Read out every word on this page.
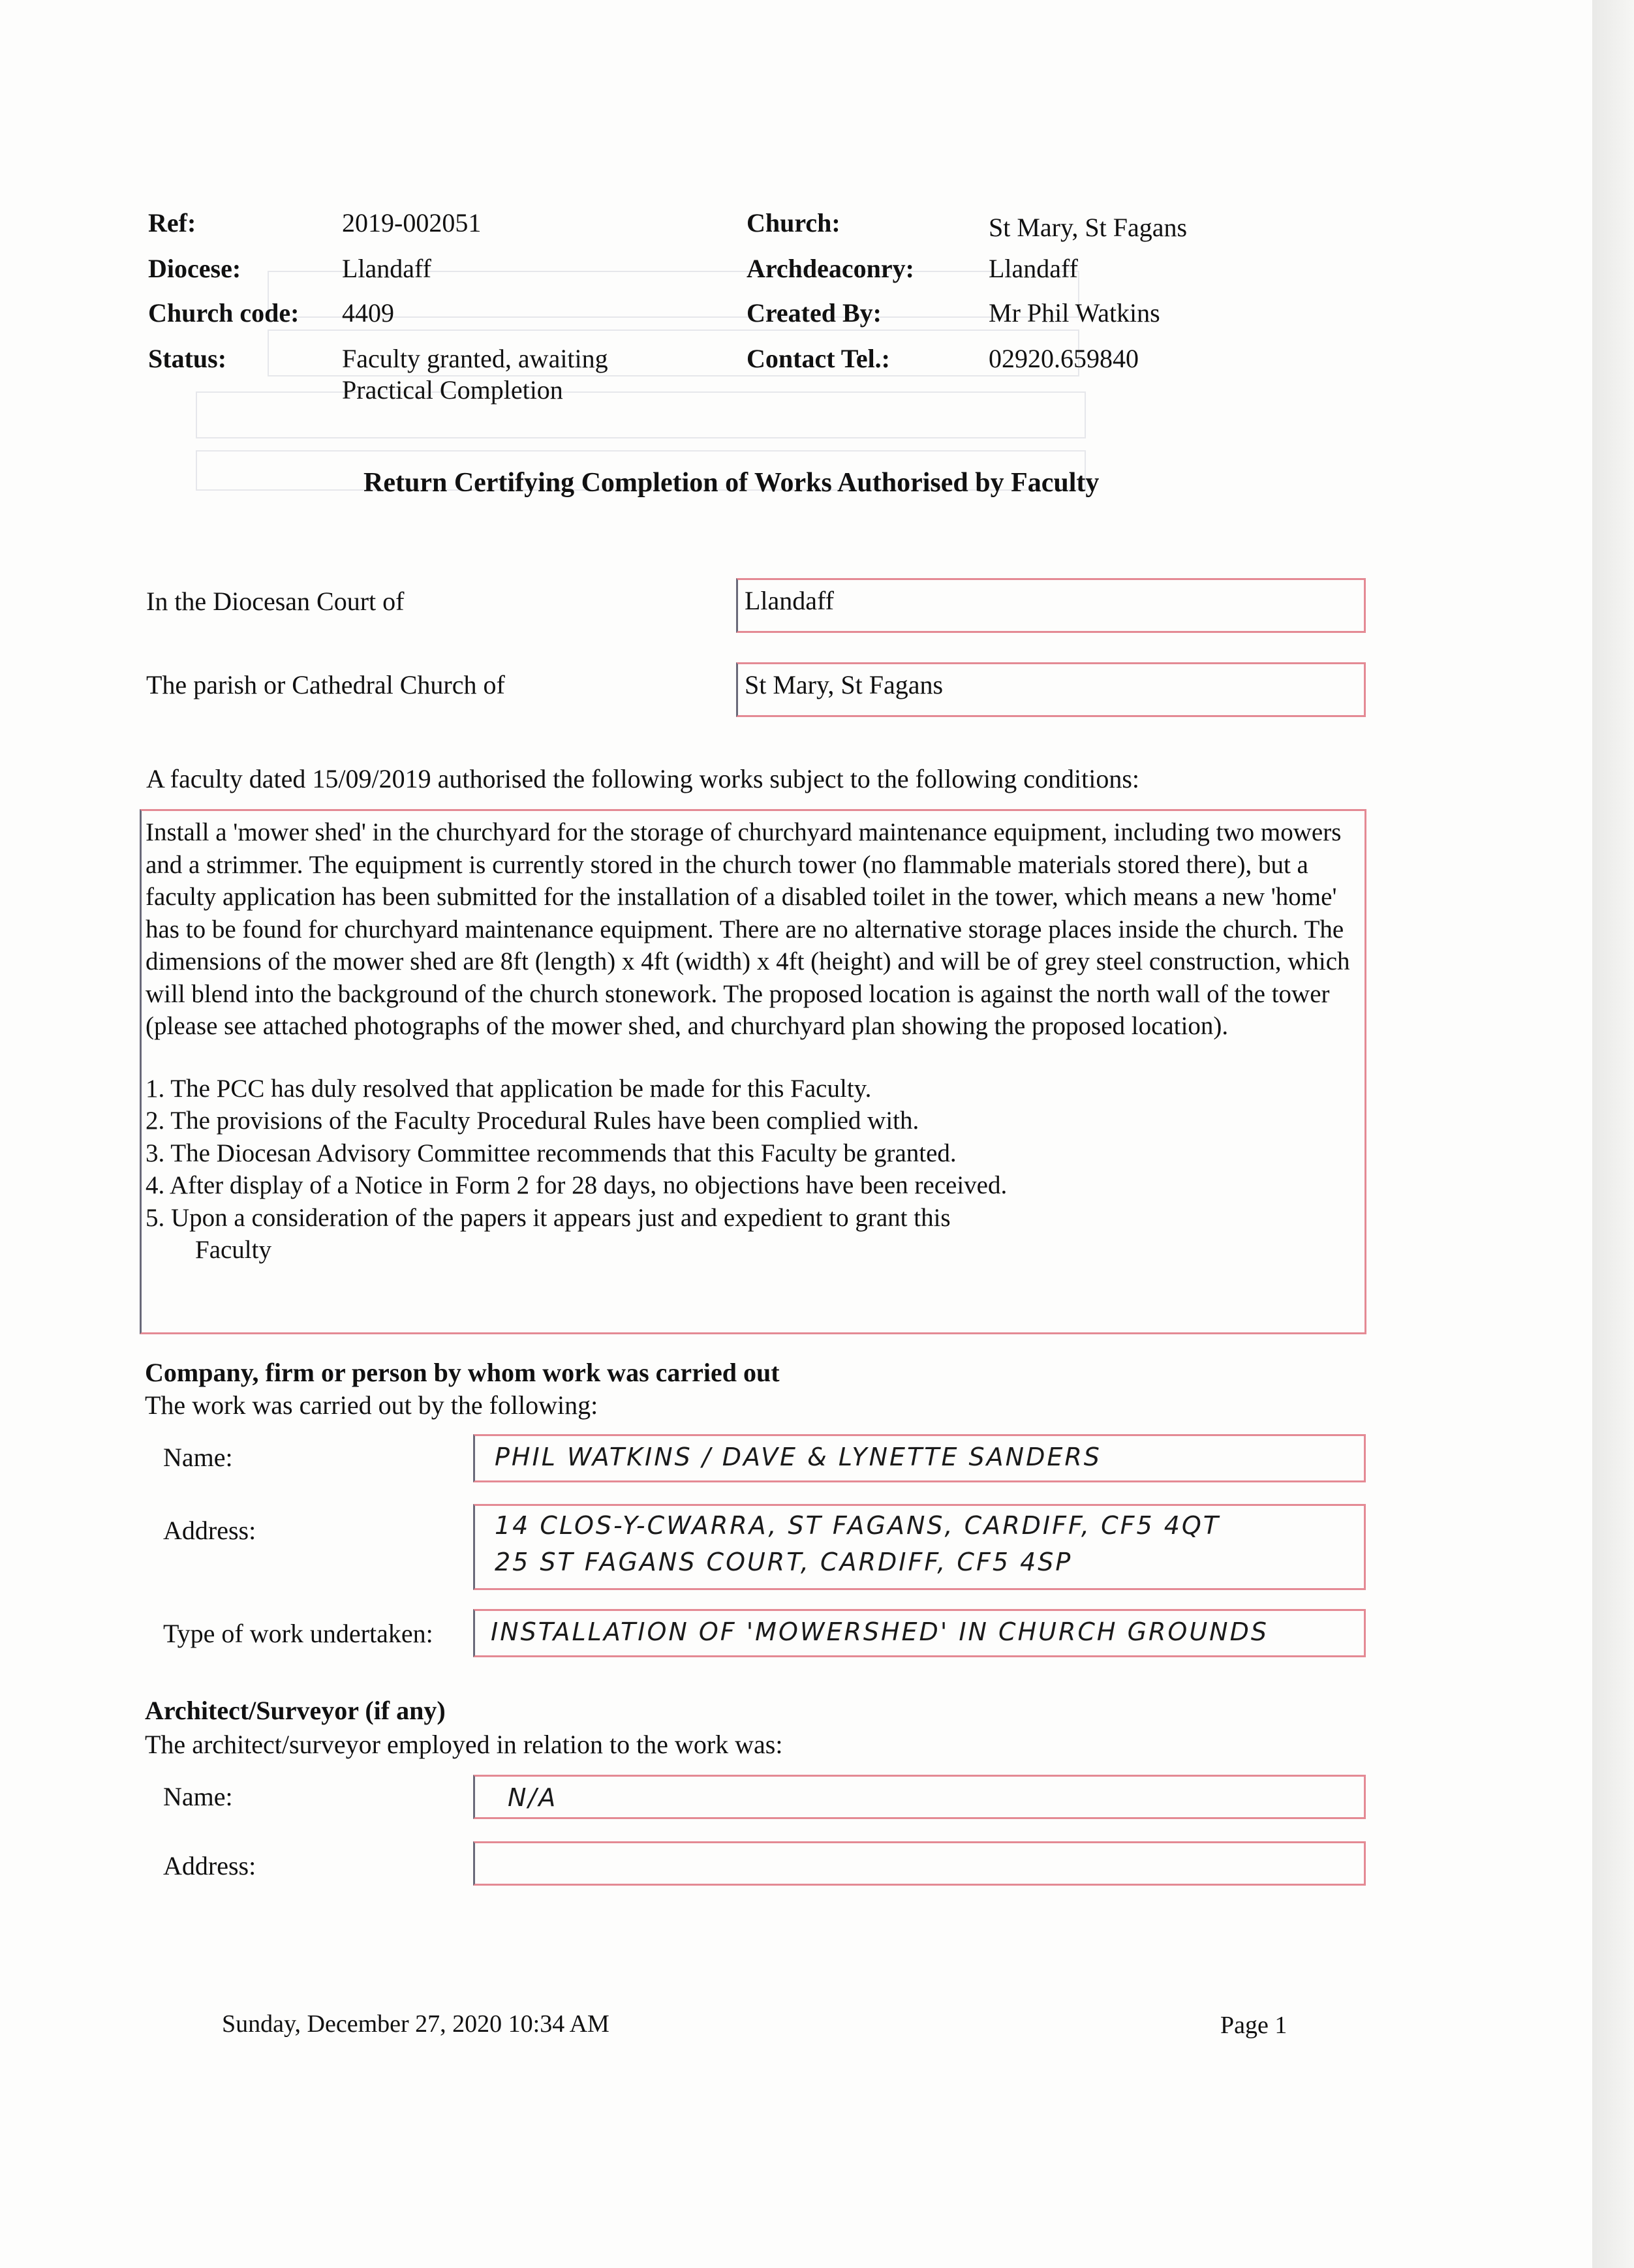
Ref:	2019-002051
Diocese:	Llandaff
Church code: 4409
Status:	Faculty granted, awaiting
Practical Completion
Church:	St Mary, St Fagans
Archdeaconry:	Llandaff
Created By:	Mr Phil Watkins
Contact Tel.:	02920.659840
Return Certifying Completion of Works Authorised by Faculty
In the Diocesan Court of	Llandaff
The parish or Cathedral Church of	St Mary, St Fagans
A faculty dated 15/09/2019 authorised the following works subject to the following conditions:

Install a 'mower shed' in the churchyard for the storage of churchyard maintenance equipment, including two mowers and a strimmer. The equipment is currently stored in the church tower (no flammable materials stored there), but a faculty application has been submitted for the installation of a disabled toilet in the tower, which means a new 'home' has to be found for churchyard maintenance equipment. There are no alternative storage places inside the church. The dimensions of the mower shed are 8ft (length) x 4ft (width) x 4ft (height) and will be of grey steel construction, which will blend into the background of the church stonework. The proposed location is against the north wall of the tower (please see attached photographs of the mower shed, and churchyard plan showing the proposed location).

1. The PCC has duly resolved that application be made for this Faculty.

2. The provisions of the Faculty Procedural Rules have been complied with.

3. The Diocesan Advisory Committee recommends that this Faculty be granted.

4. After display of a Notice in Form 2 for 28 days, no objections have been received.

5. Upon a consideration of the papers it appears just and expedient to grant this

Faculty

Company, firm or person by whom work was carried out
The work was carried out by the following:
Name:	PHIL WATKINS / DAVE & LYNETTE SANDERS
Address:	14 CLOS-Y-CWARRA, ST FAGANS, CARDIFF, CF5 4QT
25 ST FAGANS COURT, CARDIFF, CF5 4SP
Type of work undertaken: INSTALLATION OF 'MOWERSHED' IN CHURCH GROUNDS
Architect/Surveyor (if any)
The architect/surveyor employed in relation to the work was:
Name:	N/A
Address:
Sunday, December 27, 2020 10:34 AM	Page 1
